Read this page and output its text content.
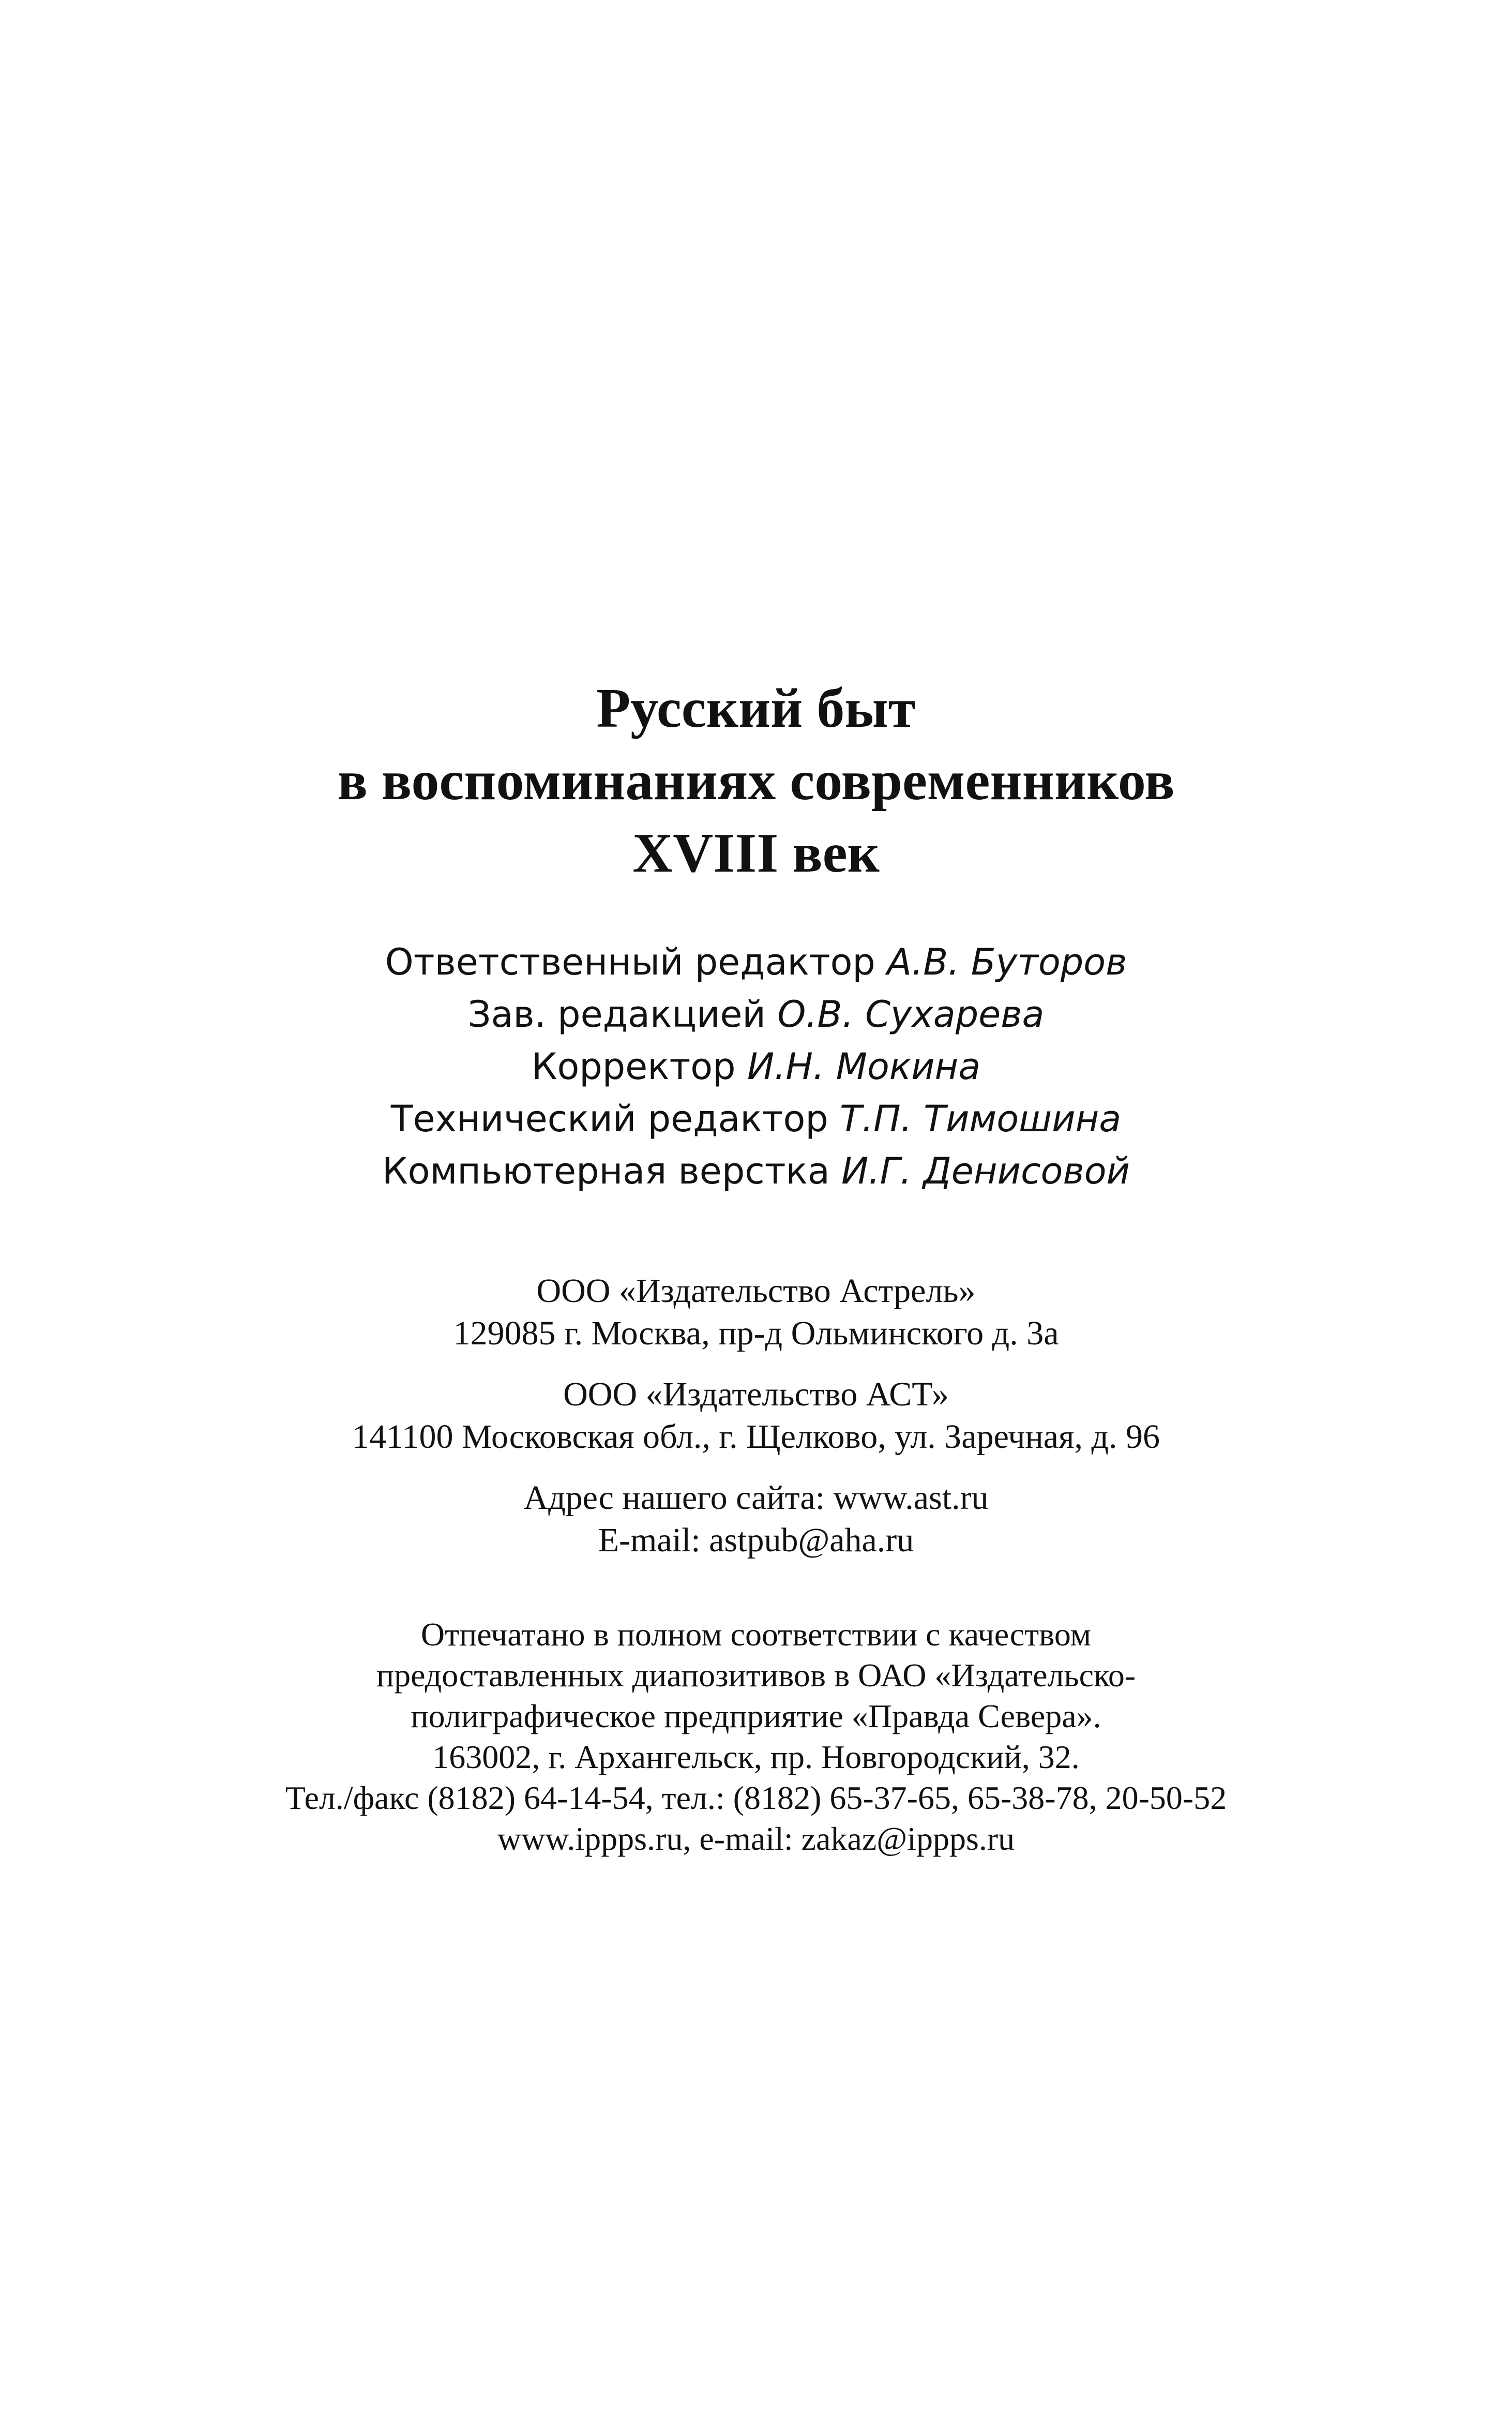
Русский быт
в воспоминаниях современников
XVIII век
Ответственный редактор А.В. Буторов
Зав. редакцией О.В. Сухарева
Корректор И.Н. Мокина
Технический редактор Т.П. Тимошина
Компьютерная верстка И.Г. Денисовой
ООО «Издательство Астрель»
129085 г. Москва, пр-д Ольминского д. 3а
ООО «Издательство АСТ»
141100 Московская обл., г. Щелково, ул. Заречная, д. 96
Адрес нашего сайта: www.ast.ru
E-mail: astpub@aha.ru
Отпечатано в полном соответствии с качеством
предоставленных диапозитивов в ОАО «Издательско-
полиграфическое предприятие «Правда Севера».
163002, г. Архангельск, пр. Новгородский, 32.
Тел./факс (8182) 64-14-54, тел.: (8182) 65-37-65, 65-38-78, 20-50-52
www.ippps.ru, e-mail: zakaz@ippps.ru
